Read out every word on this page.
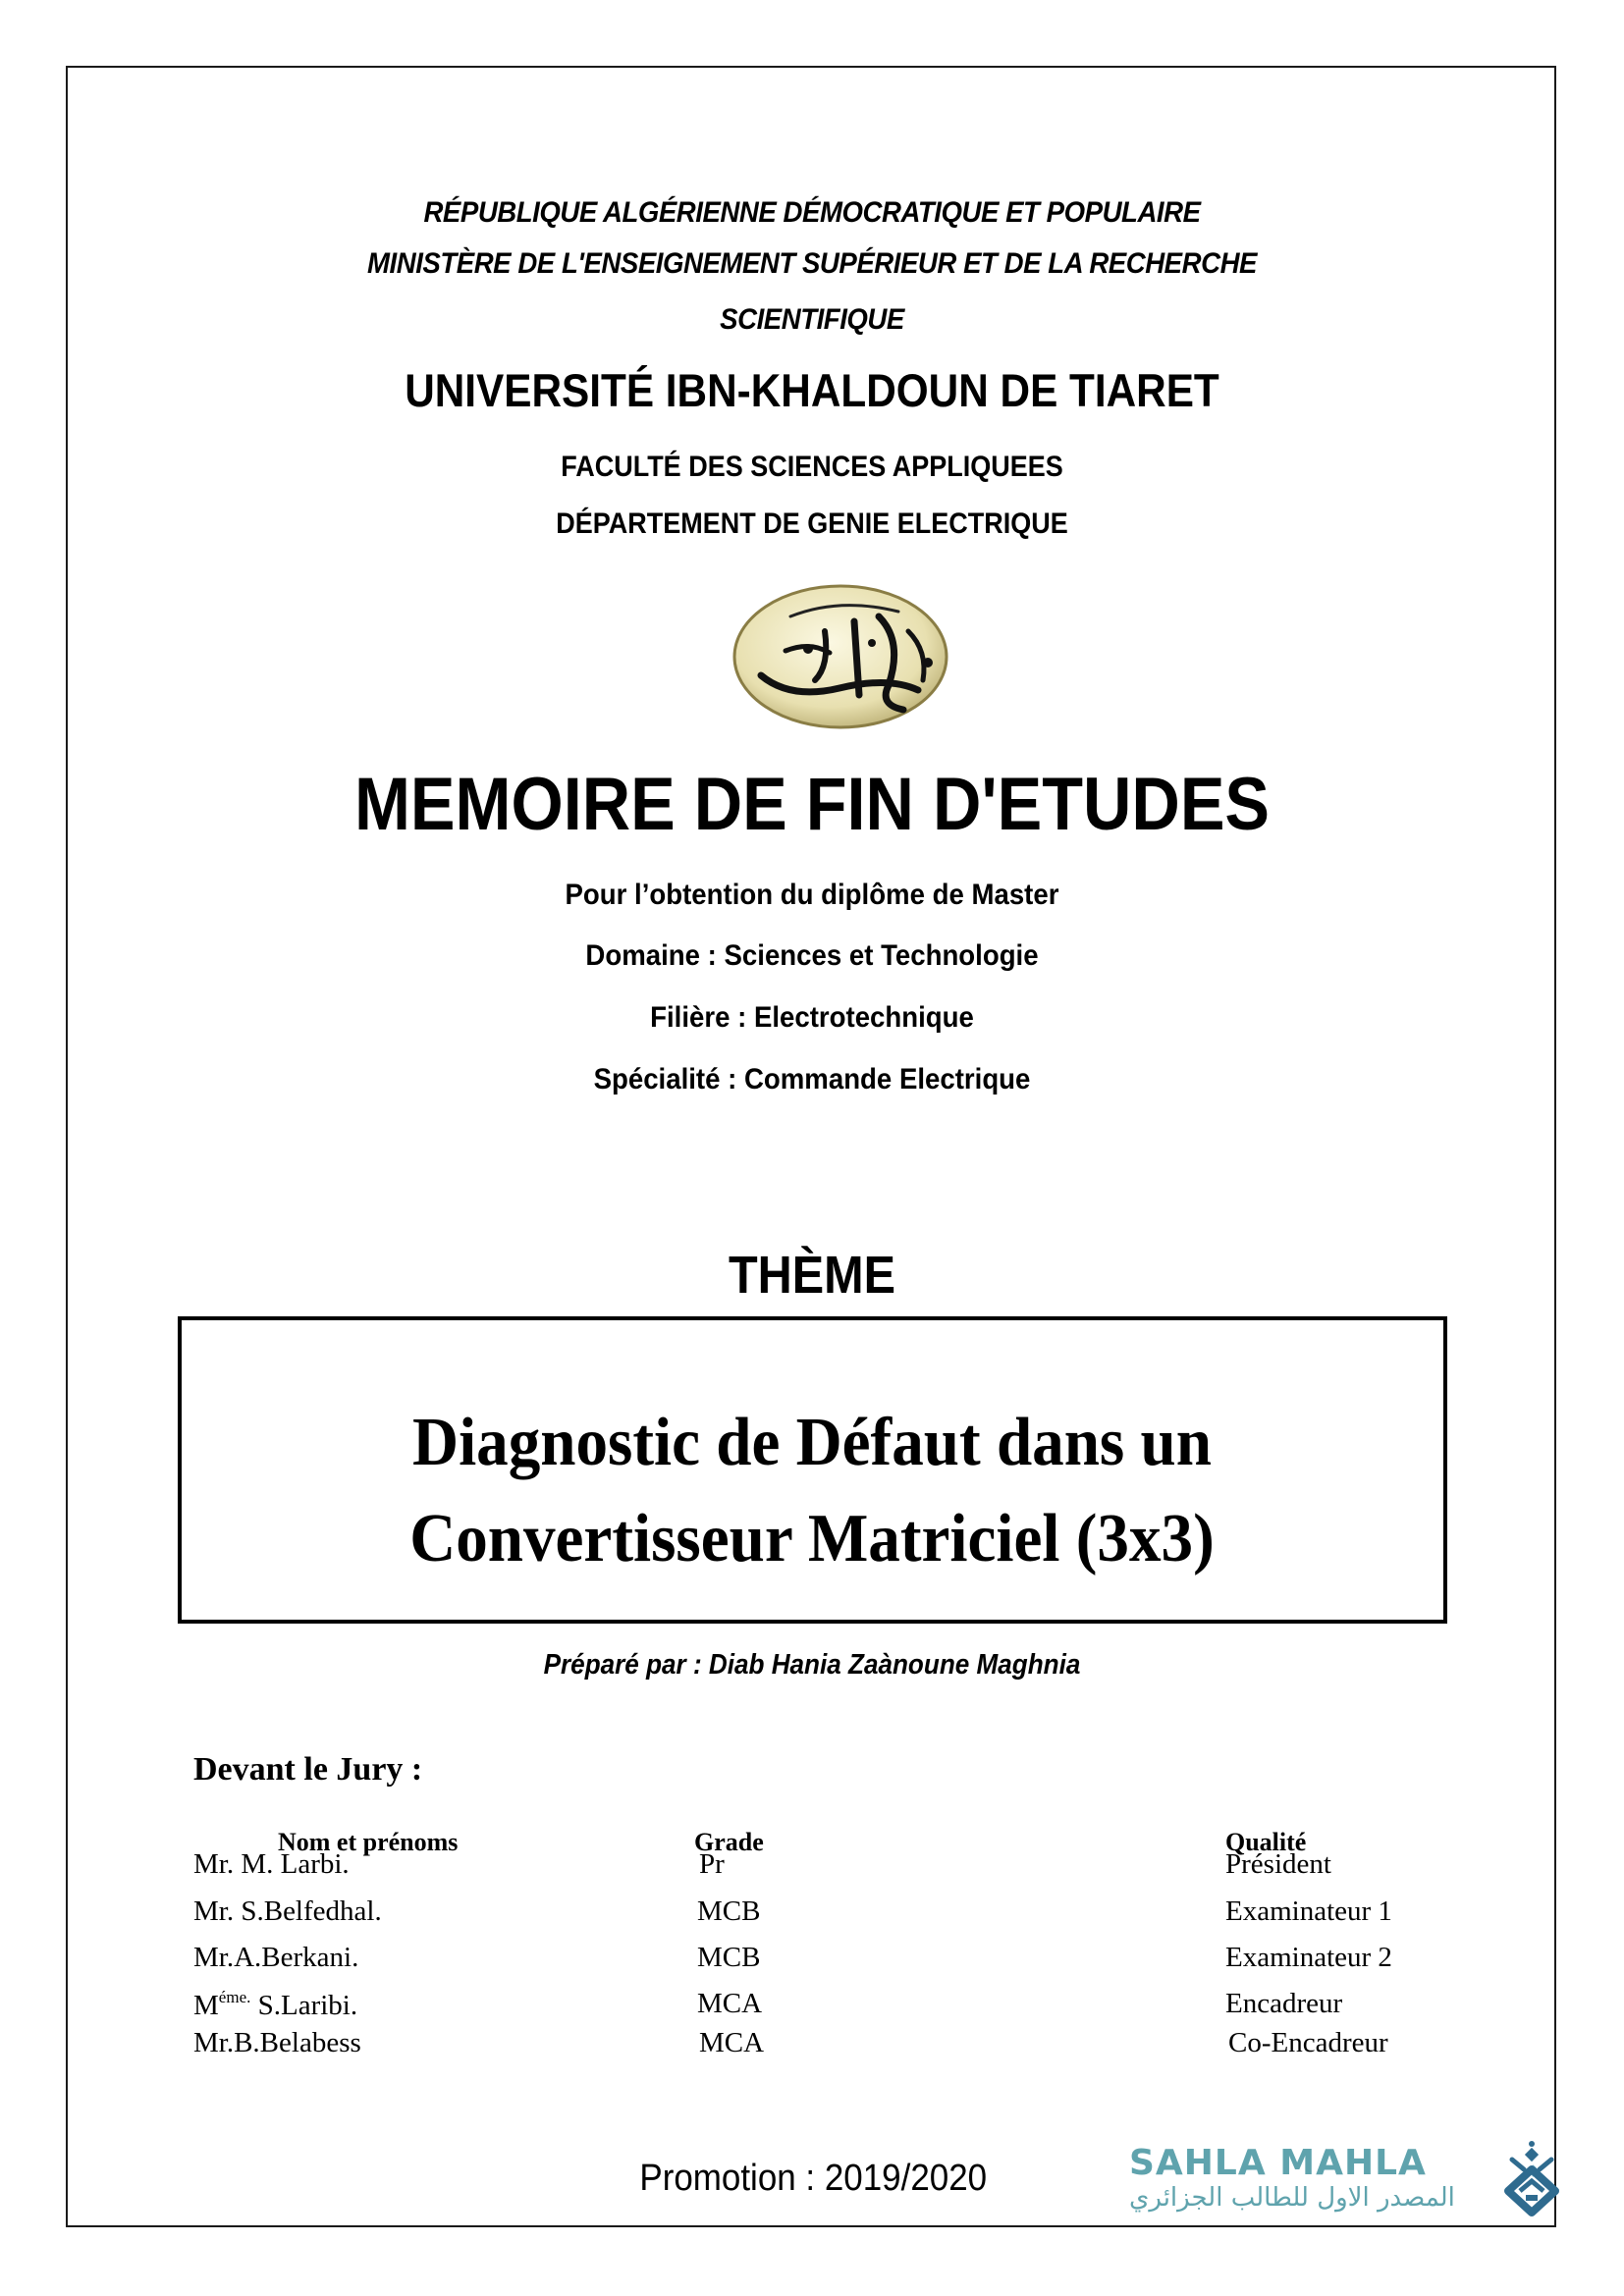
RÉPUBLIQUE ALGÉRIENNE DÉMOCRATIQUE ET POPULAIRE
MINISTÈRE DE L'ENSEIGNEMENT SUPÉRIEUR ET DE LA RECHERCHE
SCIENTIFIQUE
UNIVERSITÉ IBN-KHALDOUN DE TIARET
FACULTÉ DES SCIENCES APPLIQUEES
DÉPARTEMENT DE GENIE ELECTRIQUE
MEMOIRE DE FIN D'ETUDES
Pour l’obtention du diplôme de Master
Domaine : Sciences et Technologie
Filière : Electrotechnique
Spécialité : Commande Electrique
THÈME
Diagnostic de Défaut dans un
Convertisseur Matriciel (3x3)
Préparé par : Diab Hania Zaànoune Maghnia
Devant le Jury :
Nom et prénoms	Grade	Qualité
Mr. M. Larbi.	Pr	Président
Mr. S.Belfedhal.	MCB	Examinateur 1
Mr.A.Berkani.	MCB	Examinateur 2
$M^{éme.}$ S.Laribi.	MCA	Encadreur
Mr.B.Belabess	MCA	Co-Encadreur
Promotion : 2019/2020	SAHLA MAHLA
المصدر الاول للطالب الجزائري
